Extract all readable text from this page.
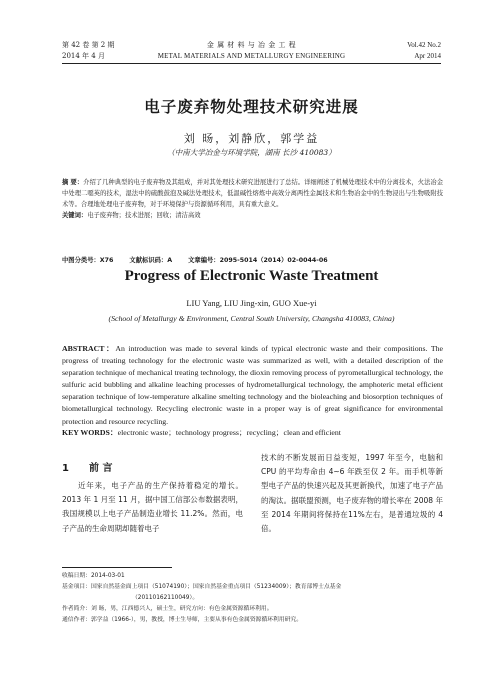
第 42 卷 第 2 期
2014 年 4 月
金 属 材 料 与 冶 金 工 程
METAL MATERIALS AND METALLURGY ENGINEERING
Vol.42 No.2
Apr 2014
电子废弃物处理技术研究进展
刘 旸，刘静欣，郭学益
（中南大学冶金与环境学院，湖南 长沙 410083）
摘 要：介绍了几种典型的电子废弃物及其组成，并对其处理技术研究进展进行了总结。详细阐述了机械处理技术中的分离技术，火法冶金中处理二噁英的技术，湿法中的硫酸鼓泡及碱法处理技术，低温碱性熔炼中高效分离两性金属技术和生物冶金中的生物浸出与生物吸附技术等。合理地处理电子废弃物，对于环境保护与资源循环利用，具有重大意义。
关键词：电子废弃物；技术进展；回收；清洁高效
中图分类号：X76	文献标识码：A	文章编号：2095-5014（2014）02-0044-06
Progress of Electronic Waste Treatment
LIU Yang, LIU Jing-xin, GUO Xue-yi
(School of Metallurgy & Environment, Central South University, Changsha 410083, China)
ABSTRACT：An introduction was made to several kinds of typical electronic waste and their compositions. The progress of treating technology for the electronic waste was summarized as well, with a detailed description of the separation technique of mechanical treating technology, the dioxin removing process of pyrometallurgical technology, the sulfuric acid bubbling and alkaline leaching processes of hydrometallurgical technology, the amphoteric metal efficient separation technique of low-temperature alkaline smelting technology and the bioleaching and biosorption techniques of biometallurgical technology. Recycling electronic waste in a proper way is of great significance for environmental protection and resource recycling.
KEY WORDS：electronic waste；technology progress；recycling；clean and efficient
1 前 言
近年来，电子产品的生产保持着稳定的增长。2013 年 1 月至 11 月，据中国工信部公布数据表明，我国规模以上电子产品制造业增长 11.2%。然而，电子产品的生命周期却随着电子
技术的不断发展而日益变短，1997 年至今，电脑和 CPU 的平均寿命由 4~6 年跌至仅 2 年。而手机等新型电子产品的快速兴起及其更新换代，加速了电子产品的淘汰。据联盟预测，电子废弃物的增长率在 2008 年至 2014 年期间将保持在11%左右，是普通垃圾的 4 倍。
收稿日期：2014-03-01
基金项目：国家自然基金面上项目（51074190）；国家自然基金重点项目（51234009）；教育部博士点基金
（20110162110049）。
作者简介：刘 旸，男，江西德兴人，硕士生，研究方向：有色金属资源循环利用。
通信作者：郭学益（1966-），男，教授，博士生导师，主要从事有色金属资源循环利用研究。
